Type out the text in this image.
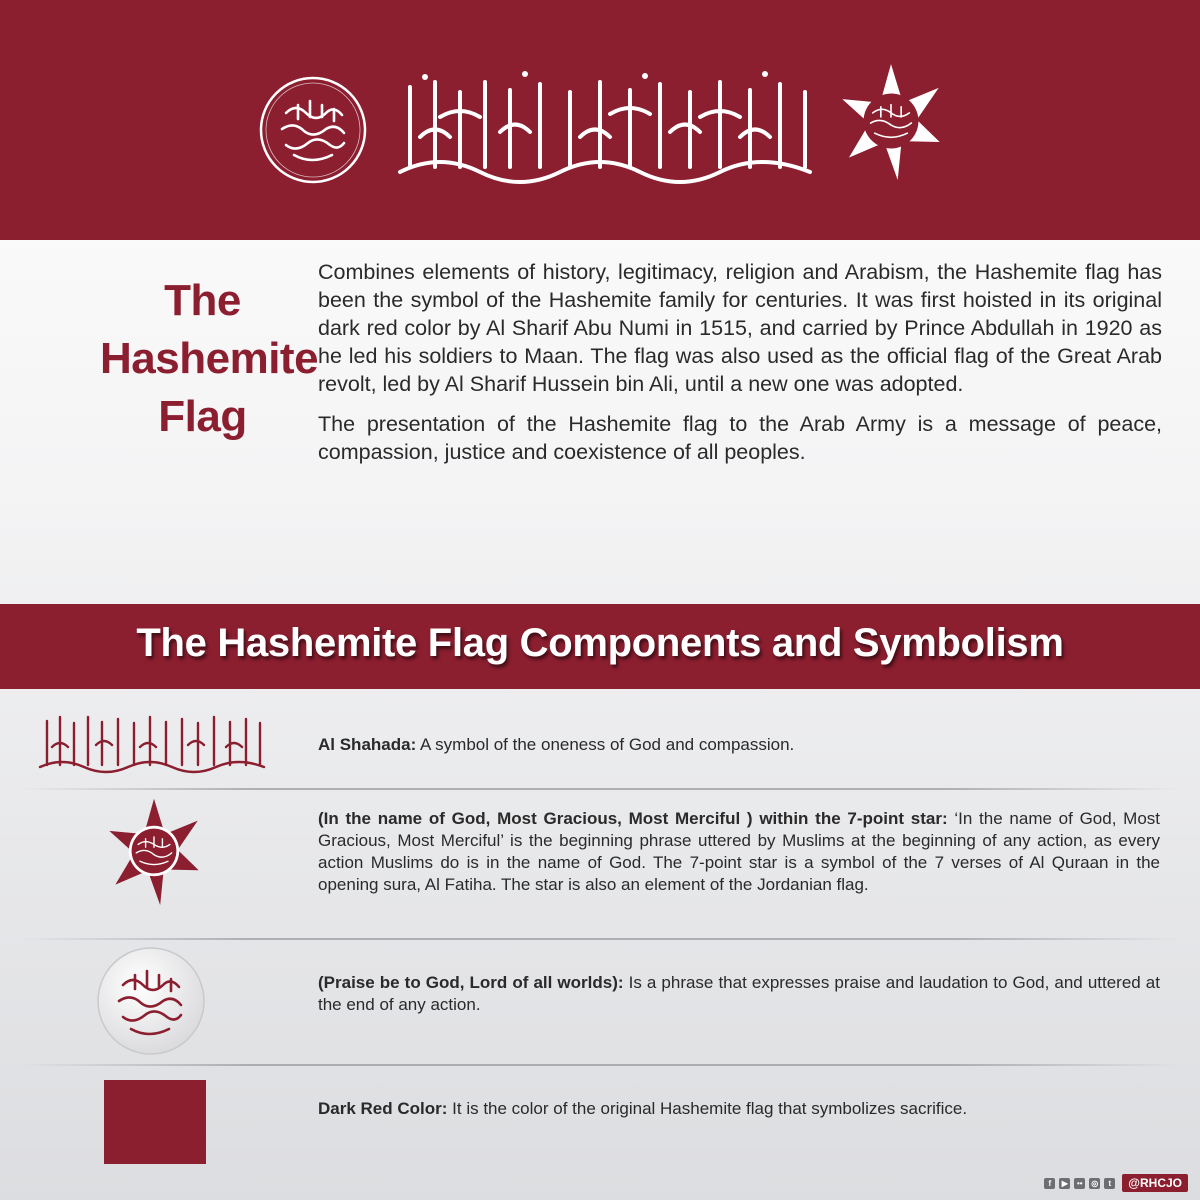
The
Hashemite
Flag

Combines elements of history, legitimacy, religion and Arabism, the Hashemite flag has been the symbol of the Hashemite family for centuries. It was first hoisted in its original dark red color by Al Sharif Abu Numi in 1515, and carried by Prince Abdullah in 1920 as he led his soldiers to Maan. The flag was also used as the official flag of the Great Arab revolt, led by Al Sharif Hussein bin Ali, until a new one was adopted.

The presentation of the Hashemite flag to the Arab Army is a message of peace, compassion, justice and coexistence of all peoples.

The Hashemite Flag Components and Symbolism
Al Shahada: A symbol of the oneness of God and compassion.
(In the name of God, Most Gracious, Most Merciful ) within the 7-point star: ‘In the name of God, Most Gracious, Most Merciful’ is the beginning phrase uttered by Muslims at the beginning of any action, as every action Muslims do is in the name of God. The 7-point star is a symbol of the 7 verses of Al Quraan in the opening sura, Al Fatiha. The star is also an element of the Jordanian flag.
(Praise be to God, Lord of all worlds): Is a phrase that expresses praise and laudation to God, and uttered at the end of any action.
Dark Red Color: It is the color of the original Hashemite flag that symbolizes sacrifice.
f	▶	••	◎	t	@RHCJO
